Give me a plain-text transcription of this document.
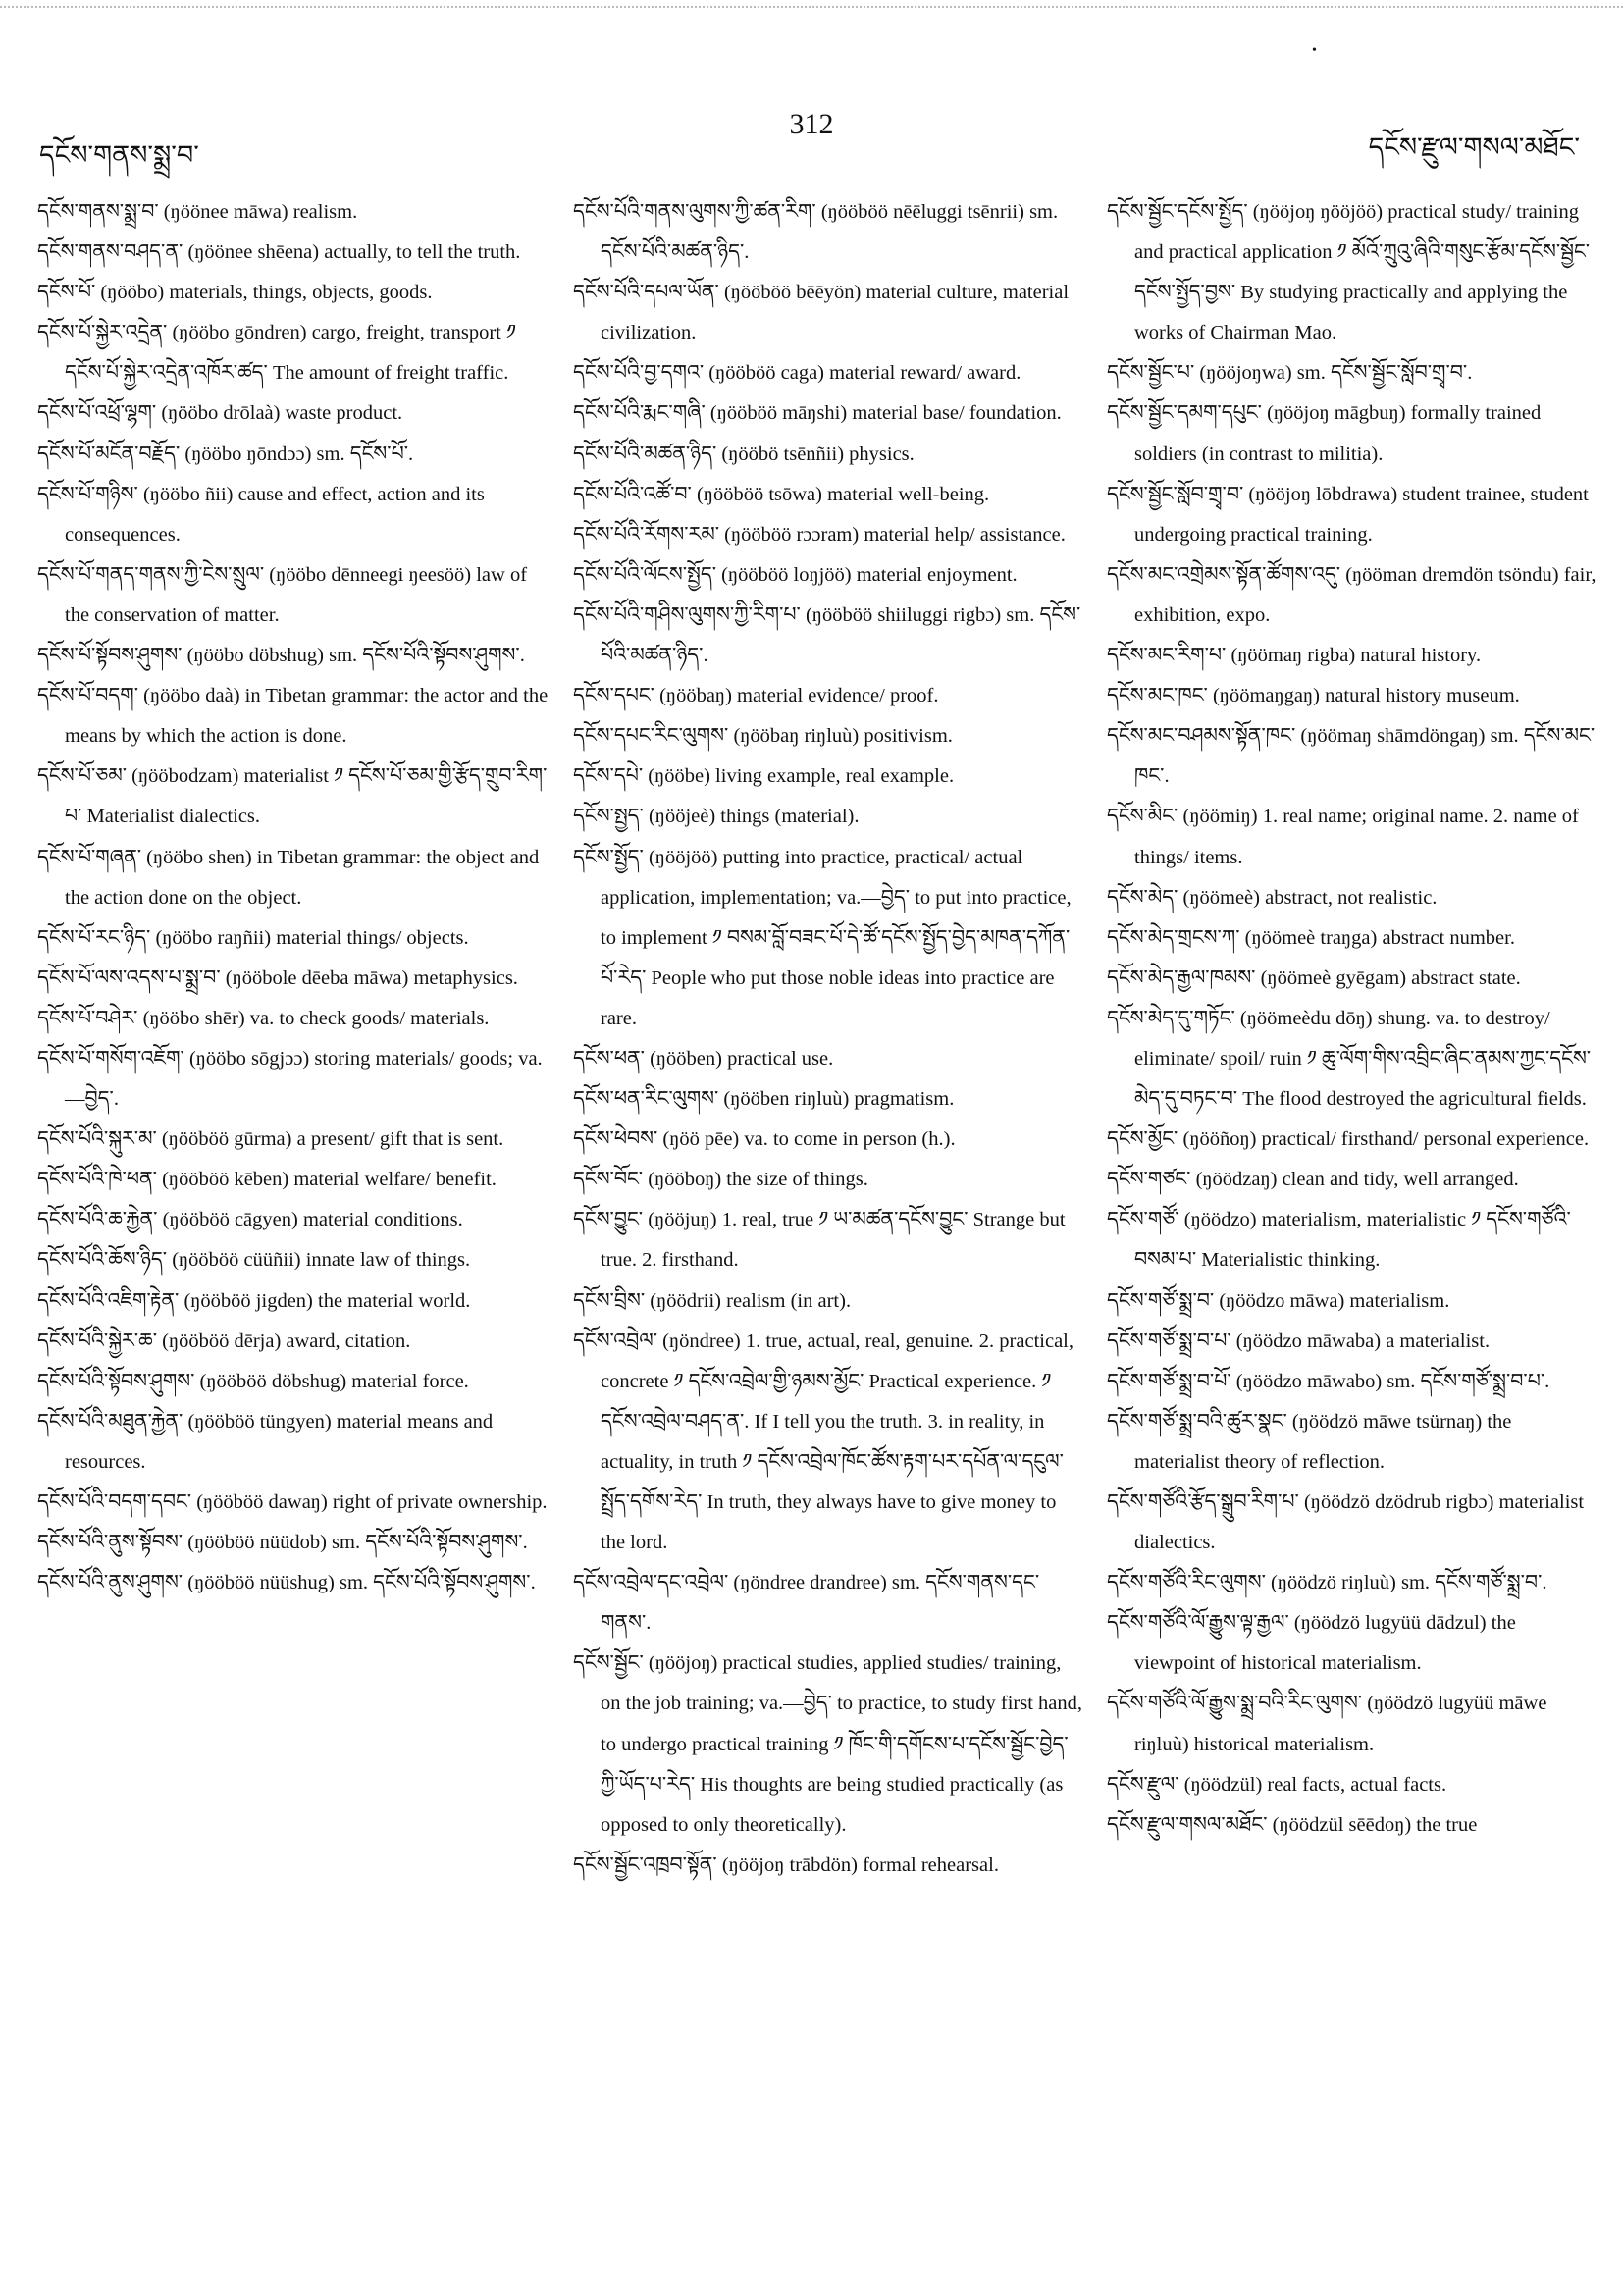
•
དངོས་གནས་སྨྲ་བ་
312
དངོས་རྫུལ་གསལ་མཐོང་

དངོས་གནས་སྨྲ་བ་ (ŋöönee māwa) realism.

དངོས་གནས་བཤད་ན་ (ŋöönee shēena) actually, to tell the truth.

དངོས་པོ་ (ŋööbo) materials, things, objects, goods.

དངོས་པོ་སྐྱེར་འདྲེན་ (ŋööbo gōndren) cargo, freight, transport ༡ དངོས་པོ་སྐྱེར་འདྲེན་འཁོར་ཚད་ The amount of freight traffic.

དངོས་པོ་འཕྲོ་ལྷག་ (ŋööbo drōlaà) waste product.

དངོས་པོ་མངོན་བརྗོད་ (ŋööbo ŋōndɔɔ) sm. དངོས་པོ་.

དངོས་པོ་གཉིས་ (ŋööbo ñii) cause and effect, action and its consequences.

དངོས་པོ་གནད་གནས་ཀྱི་ངེས་སྲུལ་ (ŋööbo dēnneegi ŋeesöö) law of the conservation of matter.

དངོས་པོ་སྟོབས་ཤུགས་ (ŋööbo döbshug) sm. དངོས་པོའི་སྟོབས་ཤུགས་.

དངོས་པོ་བདག་ (ŋööbo daà) in Tibetan grammar: the actor and the means by which the action is done.

དངོས་པོ་ཅམ་ (ŋööbodzam) materialist ༡ དངོས་པོ་ཅམ་གྱི་རྩོད་གྲུབ་རིག་པ་ Materialist dialectics.

དངོས་པོ་གཞན་ (ŋööbo shen) in Tibetan grammar: the object and the action done on the object.

དངོས་པོ་རང་ཉིད་ (ŋööbo raŋñii) material things/ objects.

དངོས་པོ་ལས་འདས་པ་སྨྲ་བ་ (ŋööbole dēeba māwa) metaphysics.

དངོས་པོ་བཤེར་ (ŋööbo shēr) va. to check goods/ materials.

དངོས་པོ་གསོག་འཇོག་ (ŋööbo sōgjɔɔ) storing materials/ goods; va.—བྱེད་.

དངོས་པོའི་སྐུར་མ་ (ŋööböö gūrma) a present/ gift that is sent.

དངོས་པོའི་ཁེ་ཕན་ (ŋööböö kēben) material welfare/ benefit.

དངོས་པོའི་ཆ་རྐྱེན་ (ŋööböö cāgyen) material conditions.

དངོས་པོའི་ཆོས་ཉིད་ (ŋööböö cüüñii) innate law of things.

དངོས་པོའི་འཇིག་རྟེན་ (ŋööböö jigden) the material world.

དངོས་པོའི་སྐྱེར་ཆ་ (ŋööböö dērja) award, citation.

དངོས་པོའི་སྟོབས་ཤུགས་ (ŋööböö döbshug) material force.

དངོས་པོའི་མཐུན་རྐྱེན་ (ŋööböö tüngyen) material means and resources.

དངོས་པོའི་བདག་དབང་ (ŋööböö dawaŋ) right of private ownership.

དངོས་པོའི་ནུས་སྟོབས་ (ŋööböö nüüdob) sm. དངོས་པོའི་སྟོབས་ཤུགས་.

དངོས་པོའི་ནུས་ཤུགས་ (ŋööböö nüüshug) sm. དངོས་པོའི་སྟོབས་ཤུགས་.

དངོས་པོའི་གནས་ལུགས་ཀྱི་ཚན་རིག་ (ŋööböö nēēluggi tsēnrii) sm. དངོས་པོའི་མཚན་ཉིད་.

དངོས་པོའི་དཔལ་ཡོན་ (ŋööböö bēēyön) material culture, material civilization.

དངོས་པོའི་བྱ་དགའ་ (ŋööböö caga) material reward/ award.

དངོས་པོའི་རྨང་གཞི་ (ŋööböö māŋshi) material base/ foundation.

དངོས་པོའི་མཚན་ཉིད་ (ŋööbö tsēnñii) physics.

དངོས་པོའི་འཚོ་བ་ (ŋööböö tsōwa) material well-being.

དངོས་པོའི་རོགས་རམ་ (ŋööböö rɔɔram) material help/ assistance.

དངོས་པོའི་ལོངས་སྤྱོད་ (ŋööböö loŋjöö) material enjoyment.

དངོས་པོའི་གཤིས་ལུགས་ཀྱི་རིག་པ་ (ŋööböö shiiluggi rigbɔ) sm. དངོས་པོའི་མཚན་ཉིད་.

དངོས་དཔང་ (ŋööbaŋ) material evidence/ proof.

དངོས་དཔང་རིང་ལུགས་ (ŋööbaŋ riŋluù) positivism.

དངོས་དཔེ་ (ŋööbe) living example, real example.

དངོས་སྤྱད་ (ŋööjeè) things (material).

དངོས་སྤྱོད་ (ŋööjöö) putting into practice, practical/ actual application, implementation; va.—བྱེད་ to put into practice, to implement ༡ བསམ་བློ་བཟང་པོ་དེ་ཚོ་དངོས་སྤྱོད་བྱེད་མཁན་དཀོན་པོ་རེད་ People who put those noble ideas into practice are rare.

དངོས་ཕན་ (ŋööben) practical use.

དངོས་ཕན་རིང་ལུགས་ (ŋööben riŋluù) pragmatism.

དངོས་ཕེབས་ (ŋöö pēe) va. to come in person (h.).

དངོས་བོང་ (ŋööboŋ) the size of things.

དངོས་བྱུང་ (ŋööjuŋ) 1. real, true ༡ ཡ་མཚན་དངོས་བྱུང་ Strange but true. 2. firsthand.

དངོས་བྲིས་ (ŋöödrii) realism (in art).

དངོས་འབྲེལ་ (ŋöndree) 1. true, actual, real, genuine. 2. practical, concrete ༡ དངོས་འབྲེལ་གྱི་ཉམས་མྱོང་ Practical experience. ༡ དངོས་འབྲེལ་བཤད་ན་. If I tell you the truth. 3. in reality, in actuality, in truth ༡ དངོས་འབྲེལ་ཁོང་ཚོས་རྟག་པར་དཔོན་ལ་དངུལ་སྤྲོད་དགོས་རེད་ In truth, they always have to give money to the lord.

དངོས་འབྲེལ་དང་འབྲེལ་ (ŋöndree drandree) sm. དངོས་གནས་དང་གནས་.

དངོས་སྦྱོང་ (ŋööjoŋ) practical studies, applied studies/ training, on the job training; va.—བྱེད་ to practice, to study first hand, to undergo practical training ༡ ཁོང་གི་དགོངས་པ་དངོས་སྦྱོང་བྱེད་ཀྱི་ཡོད་པ་རེད་ His thoughts are being studied practically (as opposed to only theoretically).

དངོས་སྦྱོང་འཁྲབ་སྟོན་ (ŋööjoŋ trābdön) formal rehearsal.

དངོས་སྦྱོང་དངོས་སྤྱོད་ (ŋööjoŋ ŋööjöö) practical study/ training and practical application ༡ མོའོ་ཀྲུའུ་ཞིའི་གསུང་རྩོམ་དངོས་སྦྱོང་དངོས་སྤྱོད་བྱས་ By studying practically and applying the works of Chairman Mao.

དངོས་སྦྱོང་པ་ (ŋööjoŋwa) sm. དངོས་སྦྱོང་སློབ་གྲྭ་བ་.

དངོས་སྦྱོང་དམག་དཔུང་ (ŋööjoŋ māgbuŋ) formally trained soldiers (in contrast to militia).

དངོས་སྦྱོང་སློབ་གྲྭ་བ་ (ŋööjoŋ lōbdrawa) student trainee, student undergoing practical training.

དངོས་མང་འགྲེམས་སྟོན་ཚོགས་འདུ་ (ŋööman dremdön tsöndu) fair, exhibition, expo.

དངོས་མང་རིག་པ་ (ŋöömaŋ rigba) natural history.

དངོས་མང་ཁང་ (ŋöömaŋgaŋ) natural history museum.

དངོས་མང་བཤམས་སྟོན་ཁང་ (ŋöömaŋ shāmdöngaŋ) sm. དངོས་མང་ཁང་.

དངོས་མིང་ (ŋöömiŋ) 1. real name; original name. 2. name of things/ items.

དངོས་མེད་ (ŋöömeè) abstract, not realistic.

དངོས་མེད་གྲངས་ཀ་ (ŋöömeè traŋga) abstract number.

དངོས་མེད་རྒྱལ་ཁམས་ (ŋöömeè gyēgam) abstract state.

དངོས་མེད་དུ་གཏོང་ (ŋöömeèdu dōŋ) shung. va. to destroy/ eliminate/ spoil/ ruin ༡ ཆུ་ལོག་གིས་འབྲིང་ཞིང་ནམས་ཀྱང་དངོས་མེད་དུ་བཏང་བ་ The flood destroyed the agricultural fields.

དངོས་མྱོང་ (ŋööñoŋ) practical/ firsthand/ personal experience.

དངོས་གཙང་ (ŋöödzaŋ) clean and tidy, well arranged.

དངོས་གཙོ་ (ŋöödzo) materialism, materialistic ༡ དངོས་གཙོའི་བསམ་པ་ Materialistic thinking.

དངོས་གཙོ་སྨྲ་བ་ (ŋöödzo māwa) materialism.

དངོས་གཙོ་སྨྲ་བ་པ་ (ŋöödzo māwaba) a materialist.

དངོས་གཙོ་སྨྲ་བ་པོ་ (ŋöödzo māwabo) sm. དངོས་གཙོ་སྨྲ་བ་པ་.

དངོས་གཙོ་སྨྲ་བའི་ཚུར་སྣང་ (ŋöödzö māwe tsürnaŋ) the materialist theory of reflection.

དངོས་གཙོའི་རྩོད་སྒྲུབ་རིག་པ་ (ŋöödzö dzödrub rigbɔ) materialist dialectics.

དངོས་གཙོའི་རིང་ལུགས་ (ŋöödzö riŋluù) sm. དངོས་གཙོ་སྨྲ་བ་.

དངོས་གཙོའི་ལོ་རྒྱུས་ལྟ་རྒྱལ་ (ŋöödzö lugyüü dādzul) the viewpoint of historical materialism.

དངོས་གཙོའི་ལོ་རྒྱུས་སྨྲ་བའི་རིང་ལུགས་ (ŋöödzö lugyüü māwe riŋluù) historical materialism.

དངོས་རྫུལ་ (ŋöödzül) real facts, actual facts.

དངོས་རྫུལ་གསལ་མཐོང་ (ŋöödzül sēēdoŋ) the true
